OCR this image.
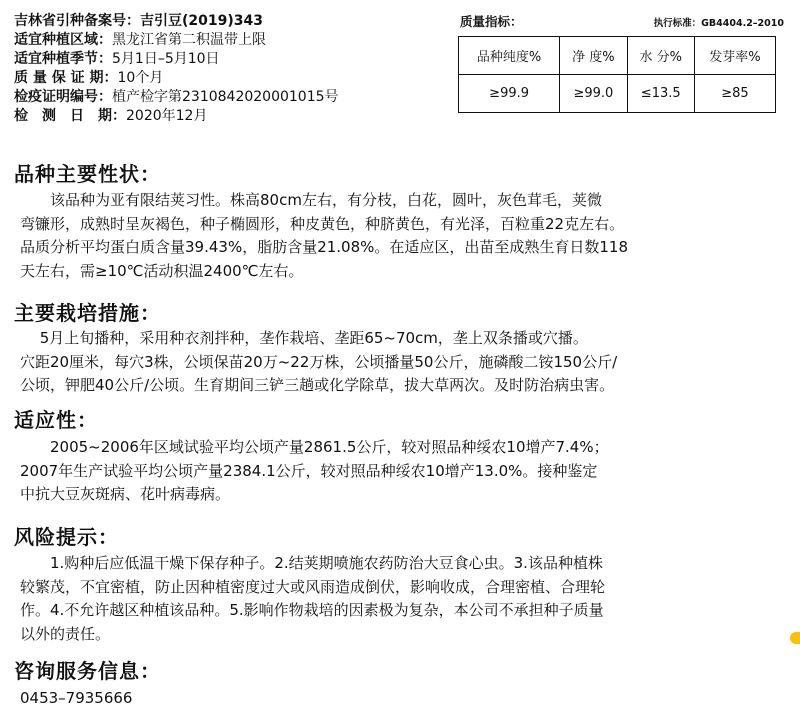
吉林省引种备案号： 吉引豆(2019)343
适宜种植区域： 黑龙江省第二积温带上限
适宜种植季节： 5月1日–5月10日
质 量 保 证 期： 10个月
检疫证明编号： 植产检字第2310842020001015号
检　测　日　期： 2020年12月
质量指标：	执行标准：GB4404.2–2010
品种纯度%	净 度%	水 分%	发芽率%
≥99.9	≥99.0	≤13.5	≥85
品种主要性状：
　　该品种为亚有限结荚习性。株高80cm左右，有分枝，白花，圆叶，灰色茸毛，荚微
弯镰形，成熟时呈灰褐色，种子椭圆形，种皮黄色，种脐黄色，有光泽，百粒重22克左右。
品质分析平均蛋白质含量39.43%，脂肪含量21.08%。在适应区，出苗至成熟生育日数118
天左右，需≥10℃活动积温2400℃左右。
主要栽培措施：
　 5月上旬播种，采用种衣剂拌种，垄作栽培、垄距65~70cm，垄上双条播或穴播。
穴距20厘米，每穴3株，公顷保苗20万~22万株，公顷播量50公斤，施磷酸二铵150公斤/
公顷，钾肥40公斤/公顷。生育期间三铲三趟或化学除草，拔大草两次。及时防治病虫害。
适应性：
　　2005~2006年区域试验平均公顷产量2861.5公斤，较对照品种绥农10增产7.4%；
2007年生产试验平均公顷产量2384.1公斤，较对照品种绥农10增产13.0%。接种鉴定
中抗大豆灰斑病、花叶病毒病。
风险提示：
　　1.购种后应低温干燥下保存种子。2.结荚期喷施农药防治大豆食心虫。3.该品种植株
较繁茂，不宜密植，防止因种植密度过大或风雨造成倒伏，影响收成，合理密植、合理轮
作。4.不允许越区种植该品种。5.影响作物栽培的因素极为复杂，本公司不承担种子质量
以外的责任。
咨询服务信息：
0453–7935666
